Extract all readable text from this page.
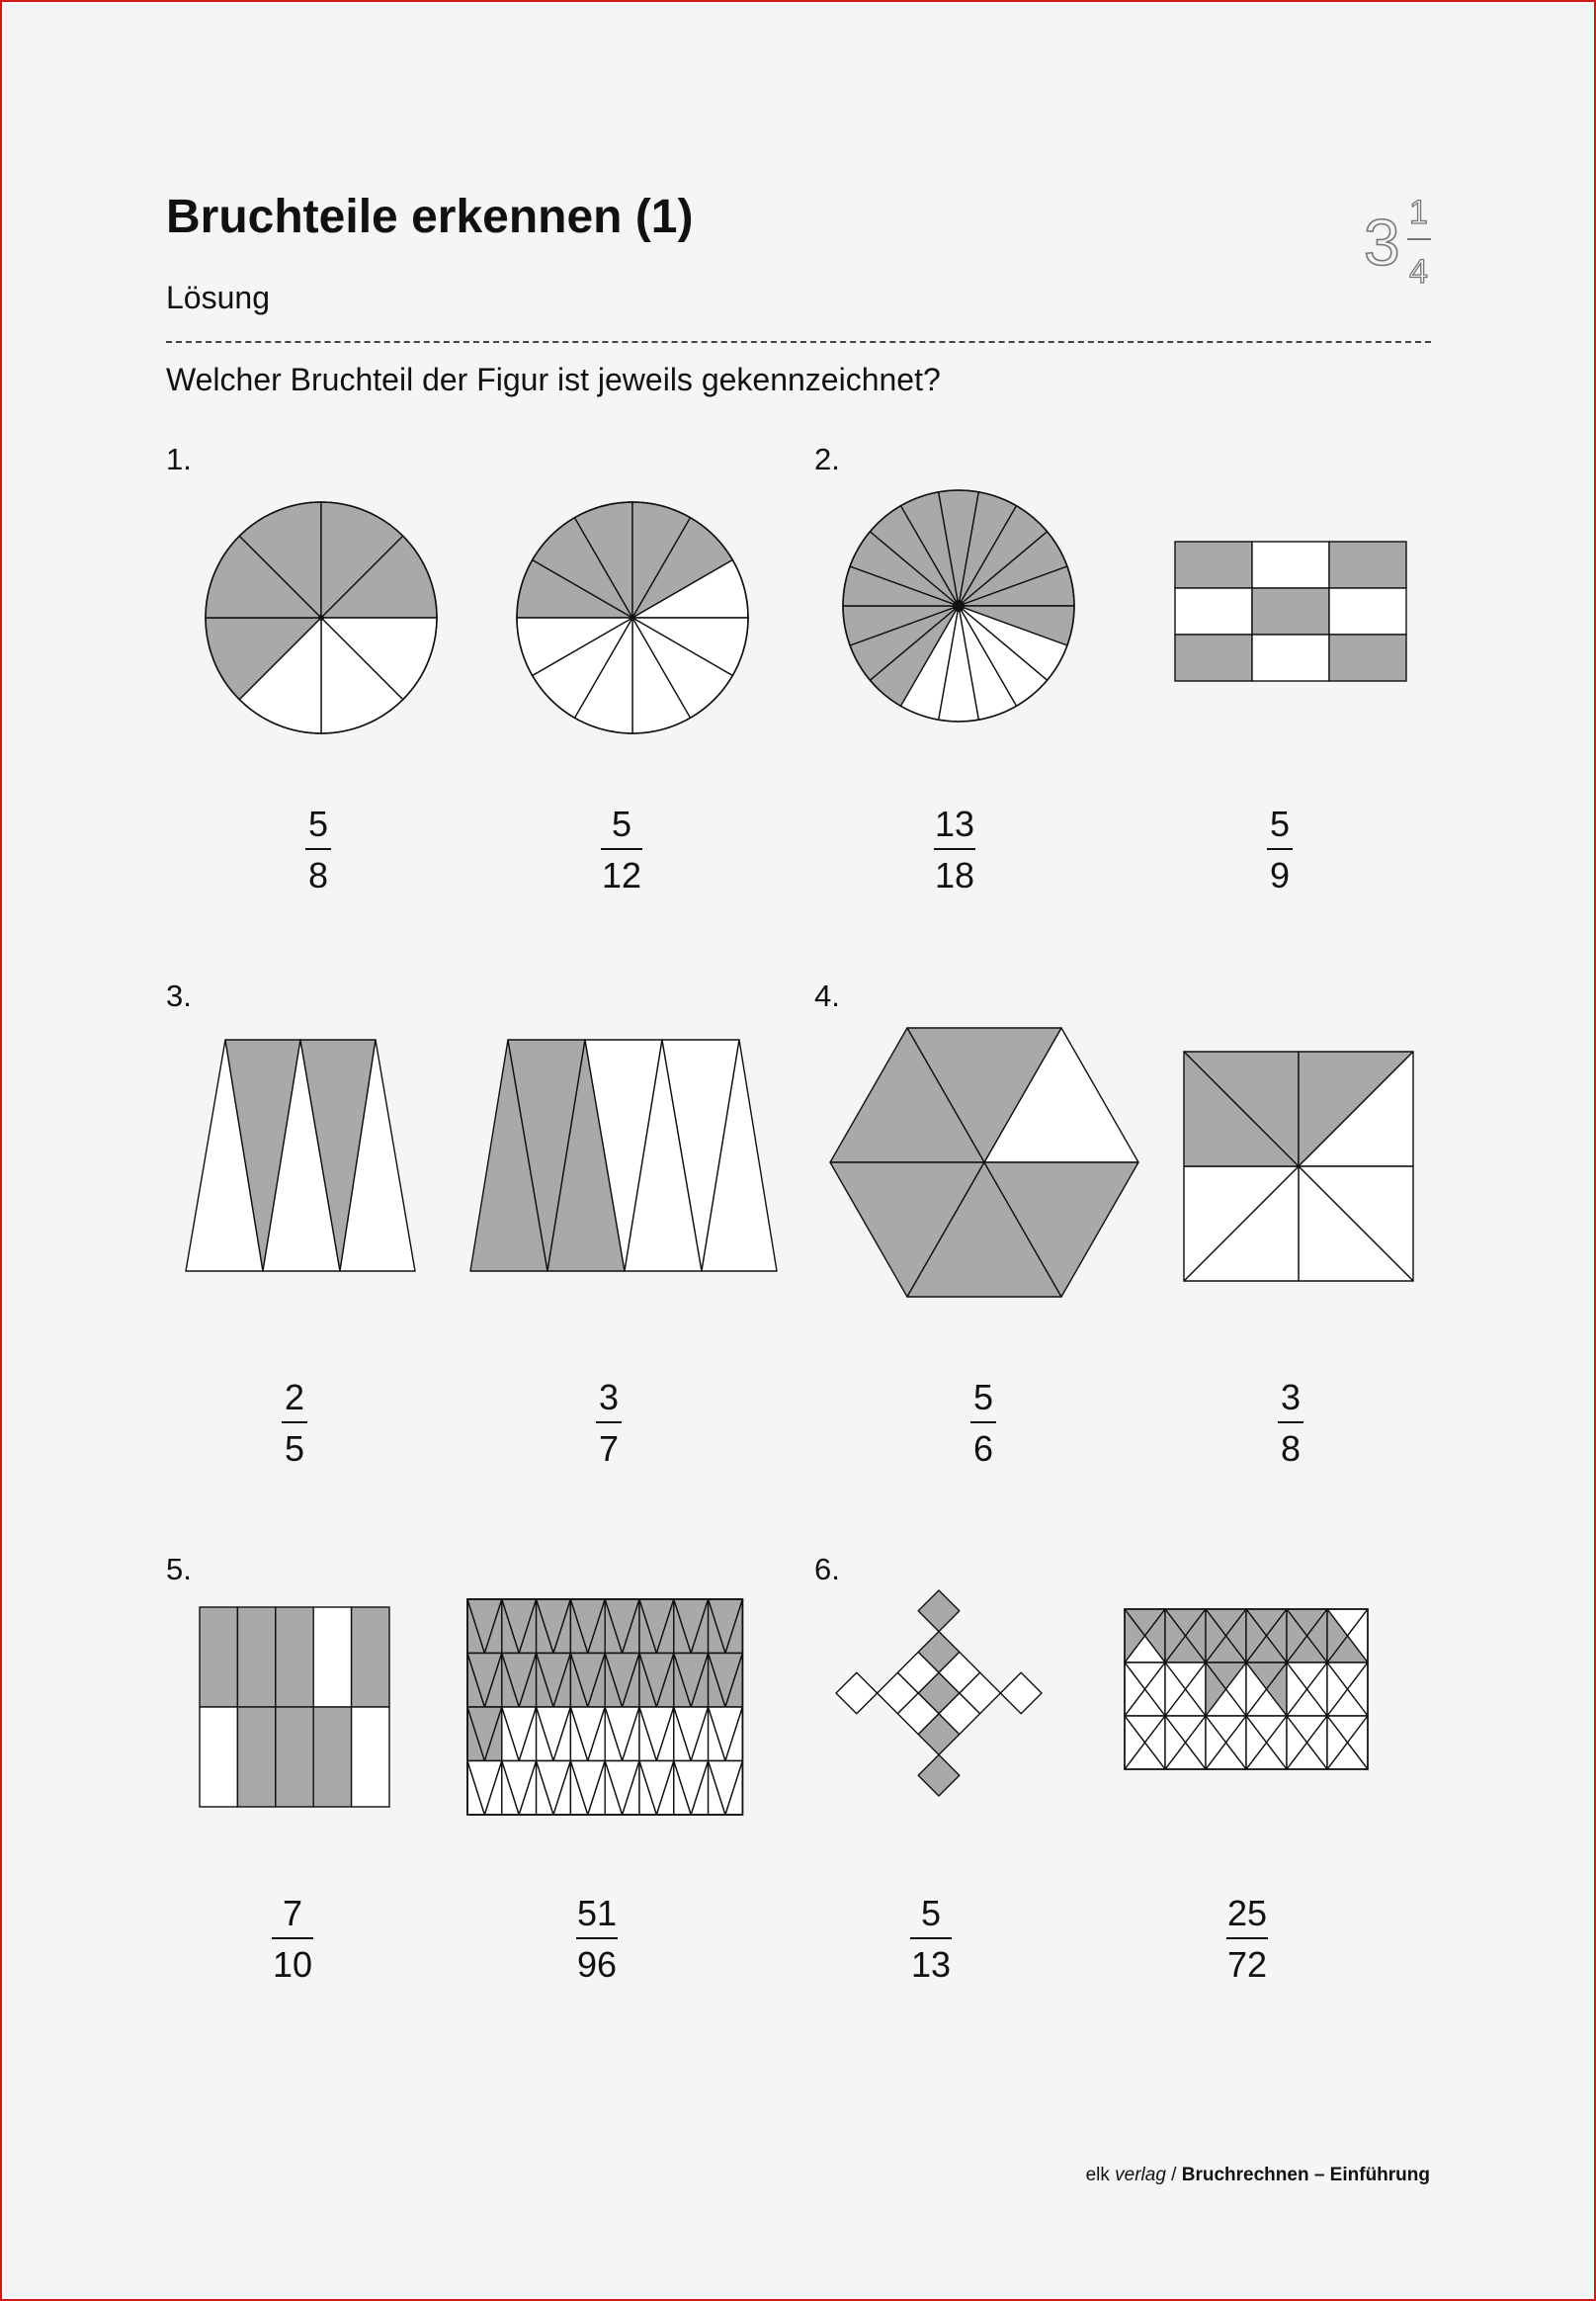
Bruchteile erkennen (1)
Lösung
3 1
4
Welcher Bruchteil der Figur ist jeweils gekennzeichnet?
1.	2.
3.	4.
5.	6.
5
8
5
12
13
18
5
9
2
5
3
7
5
6
3
8
7
10
51
96
5
13
25
72
elk verlag / Bruchrechnen – Einführung
